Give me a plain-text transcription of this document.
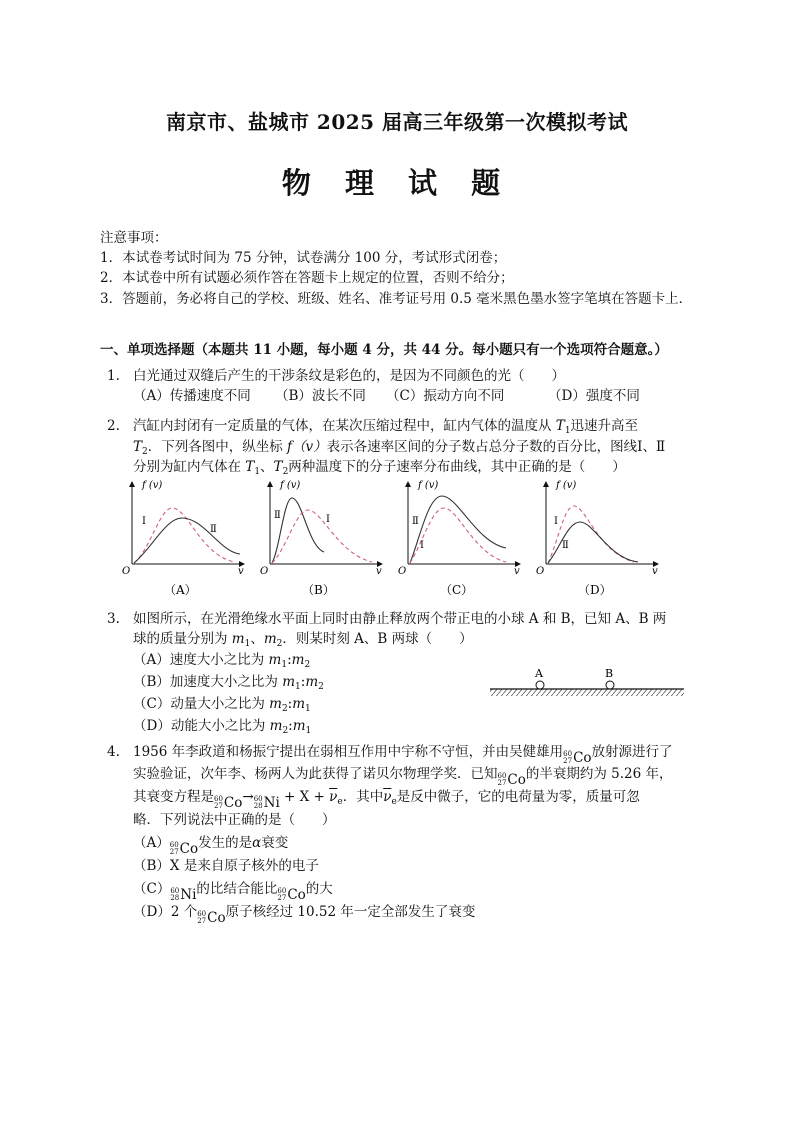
南京市、盐城市 2025 届高三年级第一次模拟考试
物 理 试 题
注意事项：
1．本试卷考试时间为 75 分钟，试卷满分 100 分，考试形式闭卷；
2．本试卷中所有试题必须作答在答题卡上规定的位置，否则不给分；
3．答题前，务必将自己的学校、班级、姓名、准考证号用 0.5 毫米黑色墨水签字笔填在答题卡上．
一、单项选择题（本题共 11 小题，每小题 4 分，共 44 分。每小题只有一个选项符合题意。）
1. 白光通过双缝后产生的干涉条纹是彩色的，是因为不同颜色的光（　　）
（A）传播速度不同 （B）波长不同 （C）振动方向不同	（D）强度不同
2. 汽缸内封闭有一定质量的气体，在某次压缩过程中，缸内气体的温度从 $T_1$迅速升高至
$T_2$．下列各图中，纵坐标 f（v）表示各速率区间的分子数占总分子数的百分比，图线Ⅰ、Ⅱ
分别为缸内气体在 $T_1$、$T_2$两种温度下的分子速率分布曲线，其中正确的是（　　）
f (v)
O	v
Ⅰ
Ⅱ
（A）
f (v)
O	v
Ⅱ	Ⅰ
（B）
f (v)
O	v
Ⅱ
Ⅰ
（C）
f (v)
O	v
Ⅰ
Ⅱ
（D）
3. 如图所示，在光滑绝缘水平面上同时由静止释放两个带正电的小球 A 和 B，已知 A、B 两
球的质量分别为 $m_1$、$m_2$．则某时刻 A、B 两球（　　）
（A）速度大小之比为 $m_1:m_2$
（B）加速度大小之比为 $m_1:m_2$
（C）动量大小之比为 $m_2:m_1$
（D）动能大小之比为 $m_2:m_1$
A	B
4. 1956 年李政道和杨振宁提出在弱相互作用中宇称不守恒，并由吴健雄用 60
27 Co 放射源进行了
实验验证，次年李、杨两人为此获得了诺贝尔物理学奖．已知 60
27 Co 的半衰期约为 5.26 年，
其衰变方程是 60
27 Co → 60
28 $Ni + X + \overline{\nu}_e$．其中$\overline{\nu}_e$是反中微子，它的电荷量为零，质量可忽
略．下列说法中正确的是（　　）
（A） 60
27 Co 发生的是α衰变
（B）X 是来自原子核外的电子
（C） 60
28 Ni 的比结合能比 60
27 Co 的大
（D）2 个 60
27 Co 原子核经过 10.52 年一定全部发生了衰变
